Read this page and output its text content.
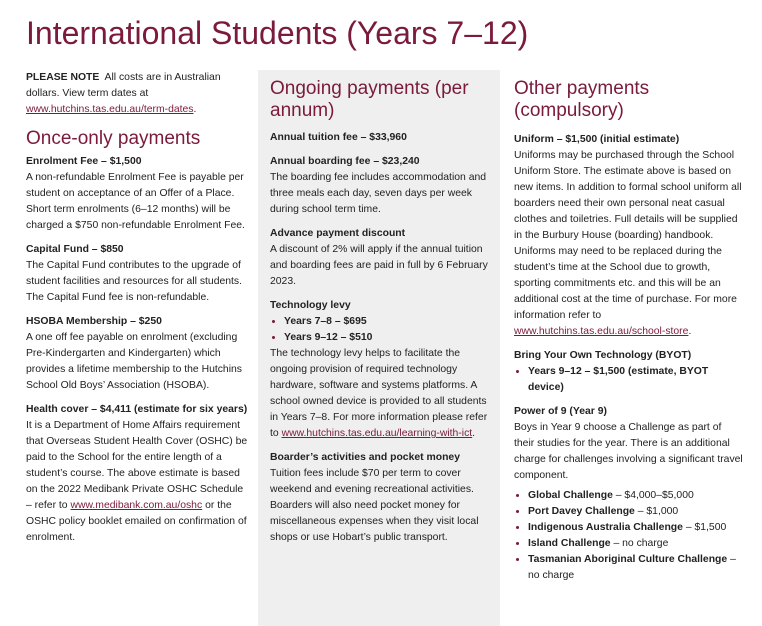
International Students (Years 7–12)
PLEASE NOTE All costs are in Australian dollars. View term dates at www.hutchins.tas.edu.au/term-dates.
Once-only payments
Enrolment Fee – $1,500

A non-refundable Enrolment Fee is payable per student on acceptance of an Offer of a Place. Short term enrolments (6–12 months) will be charged a $750 non-refundable Enrolment Fee.

Capital Fund – $850

The Capital Fund contributes to the upgrade of student facilities and resources for all students. The Capital Fund fee is non-refundable.

HSOBA Membership – $250

A one off fee payable on enrolment (excluding Pre-Kindergarten and Kindergarten) which provides a lifetime membership to the Hutchins School Old Boys’ Association (HSOBA).

Health cover – $4,411 (estimate for six years)

It is a Department of Home Affairs requirement that Overseas Student Health Cover (OSHC) be paid to the School for the entire length of a student’s course. The above estimate is based on the 2022 Medibank Private OSHC Schedule – refer to www.medibank.com.au/oshc or the OSHC policy booklet emailed on confirmation of enrolment.

Ongoing payments (per annum)
Annual tuition fee – $33,960
Annual boarding fee – $23,240

The boarding fee includes accommodation and three meals each day, seven days per week during school term time.

Advance payment discount

A discount of 2% will apply if the annual tuition and boarding fees are paid in full by 6 February 2023.

Technology levy
• Years 7–8 – $695
• Years 9–12 – $510

The technology levy helps to facilitate the ongoing provision of required technology hardware, software and systems platforms. A school owned device is provided to all students in Years 7–8. For more information please refer to www.hutchins.tas.edu.au/learning-with-ict.

Boarder’s activities and pocket money

Tuition fees include $70 per term to cover weekend and evening recreational activities. Boarders will also need pocket money for miscellaneous expenses when they visit local shops or use Hobart’s public transport.

Other payments (compulsory)
Uniform – $1,500 (initial estimate)

Uniforms may be purchased through the School Uniform Store. The estimate above is based on new items. In addition to formal school uniform all boarders need their own personal neat casual clothes and toiletries. Full details will be supplied in the Burbury House (boarding) handbook. Uniforms may need to be replaced during the student’s time at the School due to growth, sporting commitments etc. and this will be an additional cost at the time of purchase. For more information refer to www.hutchins.tas.edu.au/school-store.

Bring Your Own Technology (BYOT)
• Years 9–12 – $1,500 (estimate, BYOT device)
Power of 9 (Year 9)

Boys in Year 9 choose a Challenge as part of their studies for the year. There is an additional charge for challenges involving a significant travel component.

• Global Challenge – $4,000–$5,000
• Port Davey Challenge – $1,000
• Indigenous Australia Challenge – $1,500
• Island Challenge – no charge
• Tasmanian Aboriginal Culture Challenge – no charge
